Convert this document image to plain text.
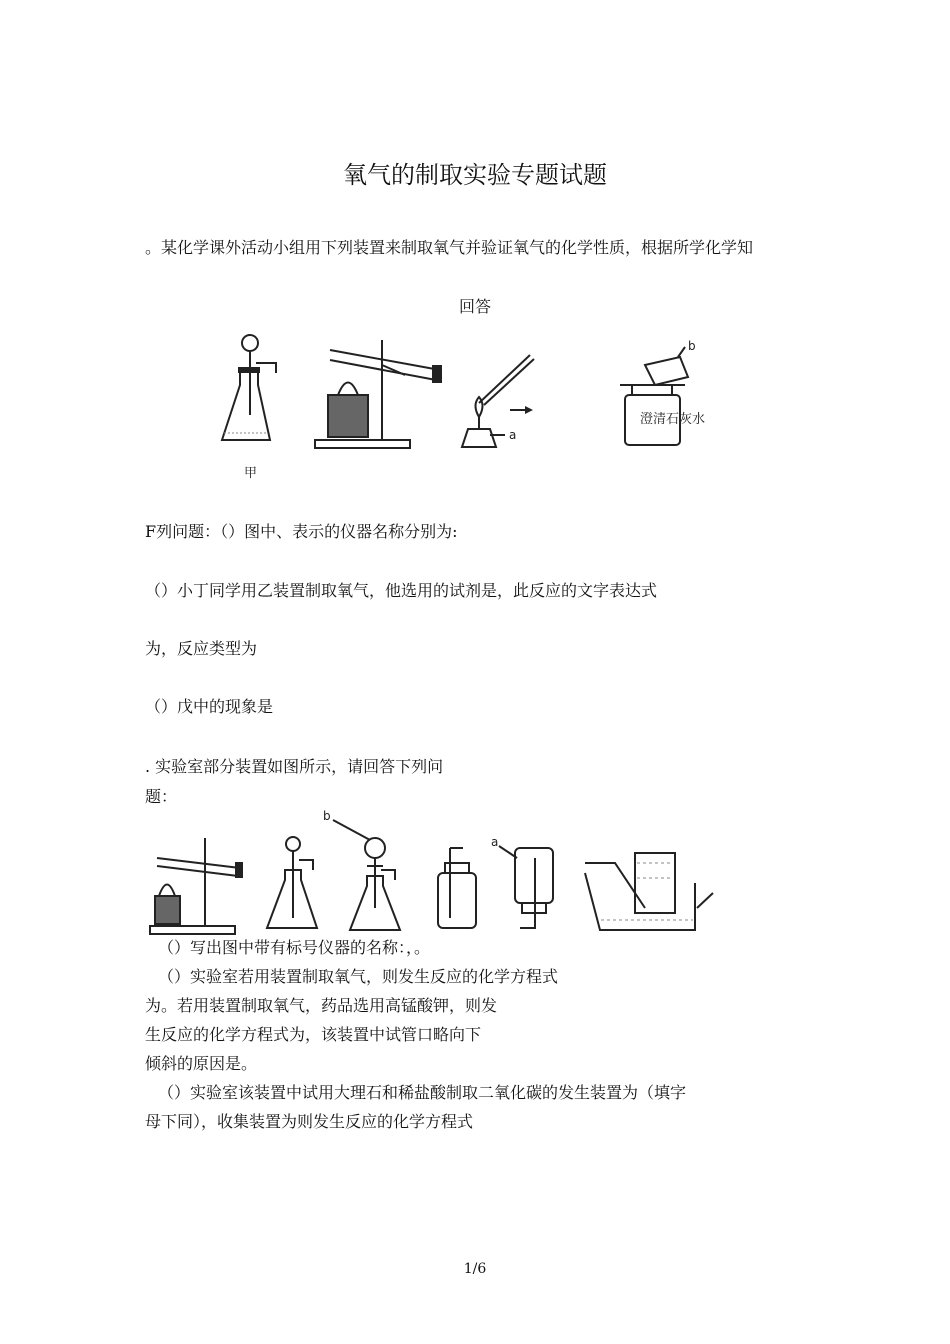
氧气的制取实验专题试题
。某化学课外活动小组用下列装置来制取氧气并验证氧气的化学性质，根据所学化学知
回答
a
b
澄清石灰水
甲
F列问题：（）图中、表示的仪器名称分别为:
（）小丁同学用乙装置制取氧气，他选用的试剂是，此反应的文字表达式
为，反应类型为
（）戊中的现象是
. 实验室部分装置如图所示，请回答下列问
题：
b
a
（）写出图中带有标号仪器的名称：，。
（）实验室若用装置制取氧气，则发生反应的化学方程式
为。若用装置制取氧气，药品选用高锰酸钾，则发
生反应的化学方程式为，该装置中试管口略向下
倾斜的原因是。
（）实验室该装置中试用大理石和稀盐酸制取二氧化碳的发生装置为（填字
母下同），收集装置为则发生反应的化学方程式
1/6
